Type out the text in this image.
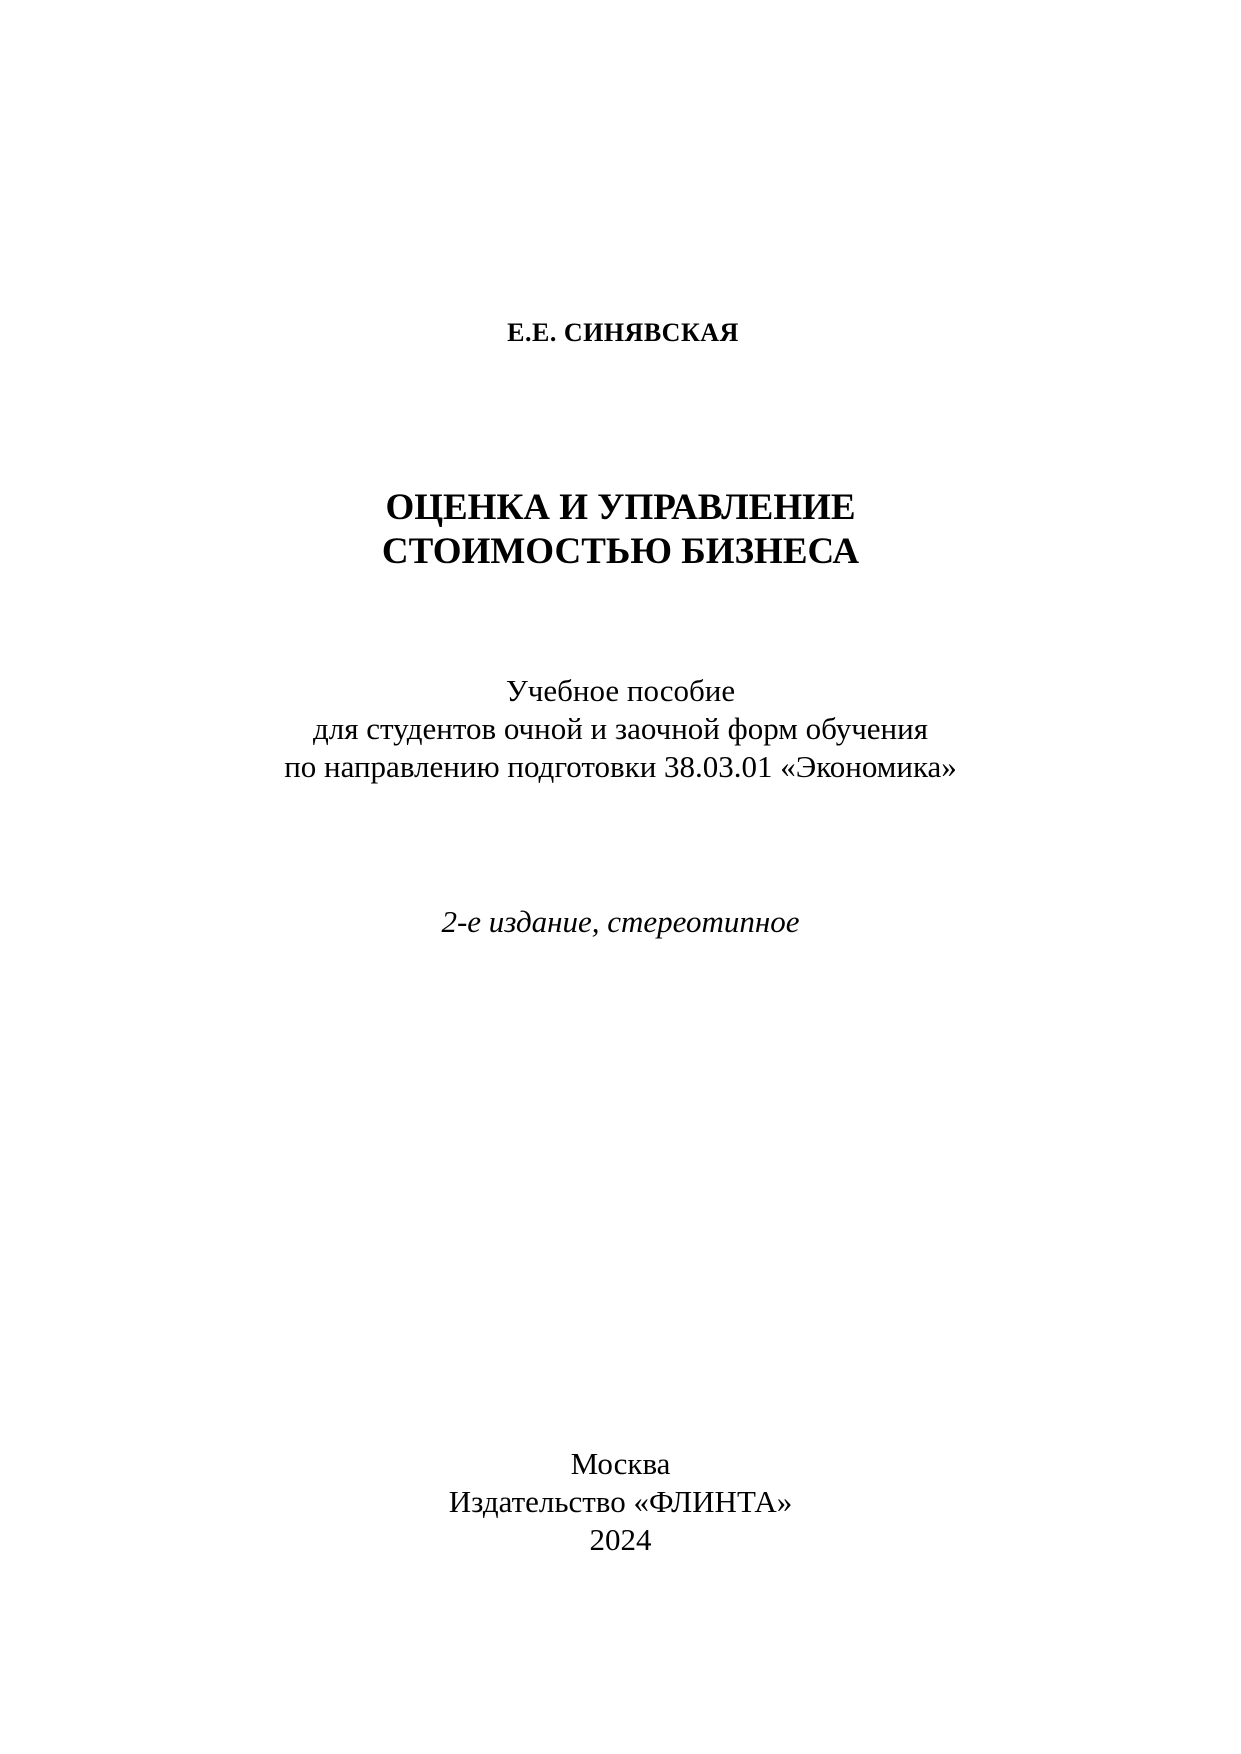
Е.Е. СИНЯВСКАЯ
ОЦЕНКА И УПРАВЛЕНИЕ
СТОИМОСТЬЮ БИЗНЕСА
Учебное пособие
для студентов очной и заочной форм обучения
по направлению подготовки 38.03.01 «Экономика»
2-е издание, стереотипное
Москва
Издательство «ФЛИНТА»
2024
